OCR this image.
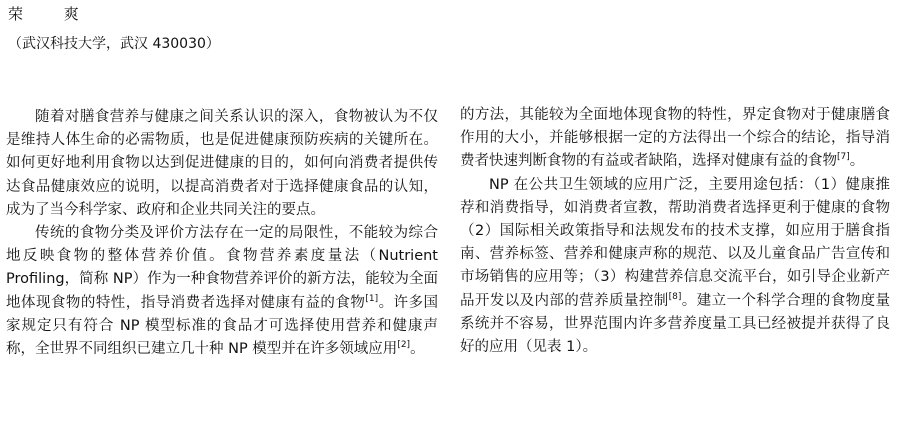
荣 爽
（武汉科技大学，武汉 430030）

随着对膳食营养与健康之间关系认识的深入，食物被认为不仅是维持人体生命的必需物质，也是促进健康预防疾病的关键所在。如何更好地利用食物以达到促进健康的目的，如何向消费者提供传达食品健康效应的说明，以提高消费者对于选择健康食品的认知，成为了当今科学家、政府和企业共同关注的要点。

传统的食物分类及评价方法存在一定的局限性，不能较为综合地反映食物的整体营养价值。食物营养素度量法（Nutrient Profiling，简称 NP）作为一种食物营养评价的新方法，能较为全面地体现食物的特性，指导消费者选择对健康有益的食物[1]。许多国家规定只有符合 NP 模型标准的食品才可选择使用营养和健康声称，全世界不同组织已建立几十种 NP 模型并在许多领域应用[2]。

的方法，其能较为全面地体现食物的特性，界定食物对于健康膳食作用的大小，并能够根据一定的方法得出一个综合的结论，指导消费者快速判断食物的有益或者缺陷，选择对健康有益的食物[7]。

NP 在公共卫生领域的应用广泛，主要用途包括：（1）健康推荐和消费指导，如消费者宣教，帮助消费者选择更利于健康的食物（2）国际相关政策指导和法规发布的技术支撑，如应用于膳食指南、营养标签、营养和健康声称的规范、以及儿童食品广告宣传和市场销售的应用等；（3）构建营养信息交流平台，如引导企业新产品开发以及内部的营养质量控制[8]。建立一个科学合理的食物度量系统并不容易，世界范围内许多营养度量工具已经被提并获得了良好的应用（见表 1）。
